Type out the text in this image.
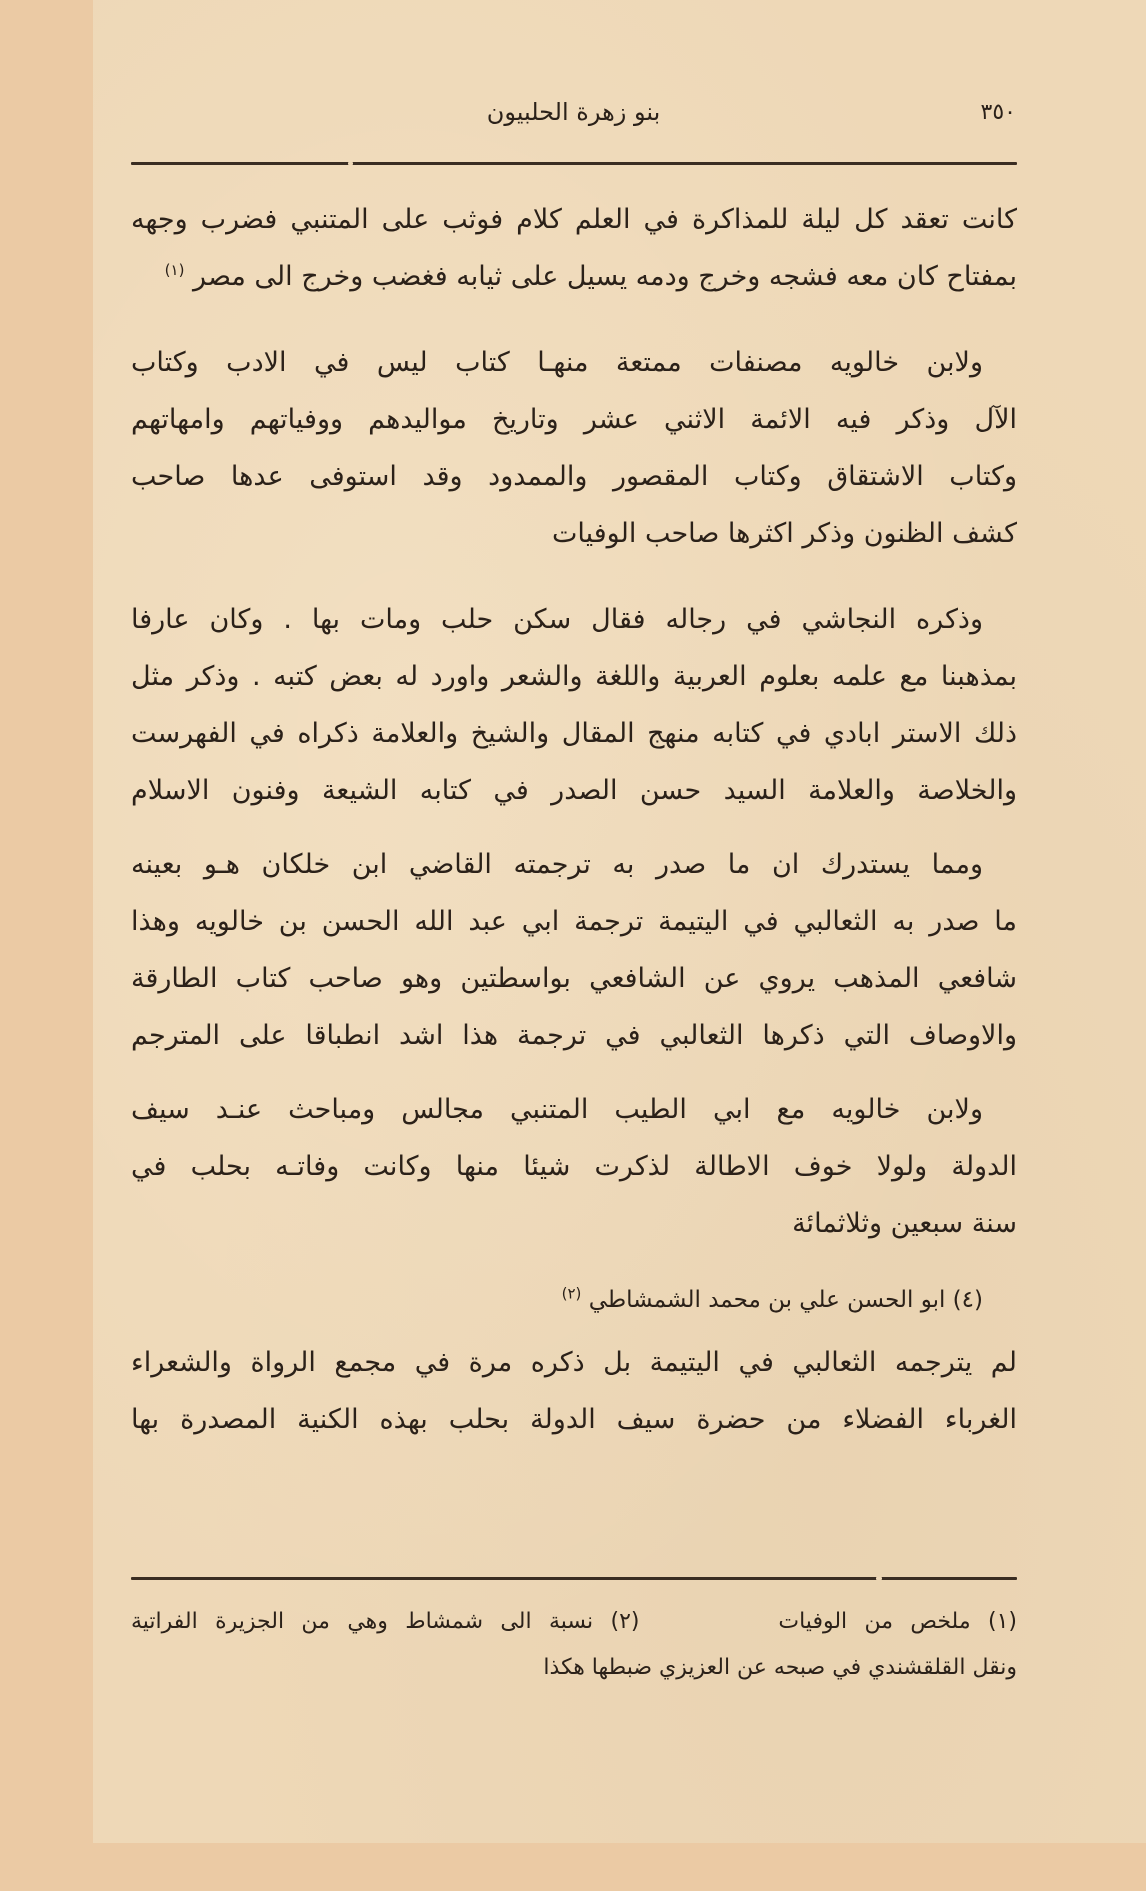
٣٥٠
بنو زهرة الحلبيون
كانت تعقد كل ليلة للمذاكرة في العلم كلام فوثب على المتنبي فضرب وجهه
بمفتاح كان معه فشجه وخرج ودمه يسيل على ثيابه فغضب وخرج الى مصر $^{(١)}$
ولابن خالويه مصنفات ممتعة منهـا كتاب ليس في الادب وكتاب
الآل وذكر فيه الائمة الاثني عشر وتاريخ مواليدهم ووفياتهم وامهاتهم
وكتاب الاشتقاق وكتاب المقصور والممدود وقد استوفى عدها صاحب
كشف الظنون وذكر اكثرها صاحب الوفيات
وذكره النجاشي في رجاله فقال سكن حلب ومات بها . وكان عارفا
بمذهبنا مع علمه بعلوم العربية واللغة والشعر واورد له بعض كتبه . وذكر مثل
ذلك الاستر ابادي في كتابه منهج المقال والشيخ والعلامة ذكراه في الفهرست
والخلاصة والعلامة السيد حسن الصدر في كتابه الشيعة وفنون الاسلام
ومما يستدرك ان ما صدر به ترجمته القاضي ابن خلكان هـو بعينه
ما صدر به الثعالبي في اليتيمة ترجمة ابي عبد الله الحسن بن خالويه وهذا
شافعي المذهب يروي عن الشافعي بواسطتين وهو صاحب كتاب الطارقة
والاوصاف التي ذكرها الثعالبي في ترجمة هذا اشد انطباقا على المترجم
ولابن خالويه مع ابي الطيب المتنبي مجالس ومباحث عنـد سيف
الدولة ولولا خوف الاطالة لذكرت شيئا منها وكانت وفاتـه بحلب في
سنة سبعين وثلاثمائة
(٤) ابو الحسن علي بن محمد الشمشاطي $^{(٢)}$
لم يترجمه الثعالبي في اليتيمة بل ذكره مرة في مجمع الرواة والشعراء
الغرباء الفضلاء من حضرة سيف الدولة بحلب بهذه الكنية المصدرة بها
(١) ملخص من الوفيات        (٢) نسبة الى شمشاط وهي من الجزيرة الفراتية
ونقل القلقشندي في صبحه عن العزيزي ضبطها هكذا
